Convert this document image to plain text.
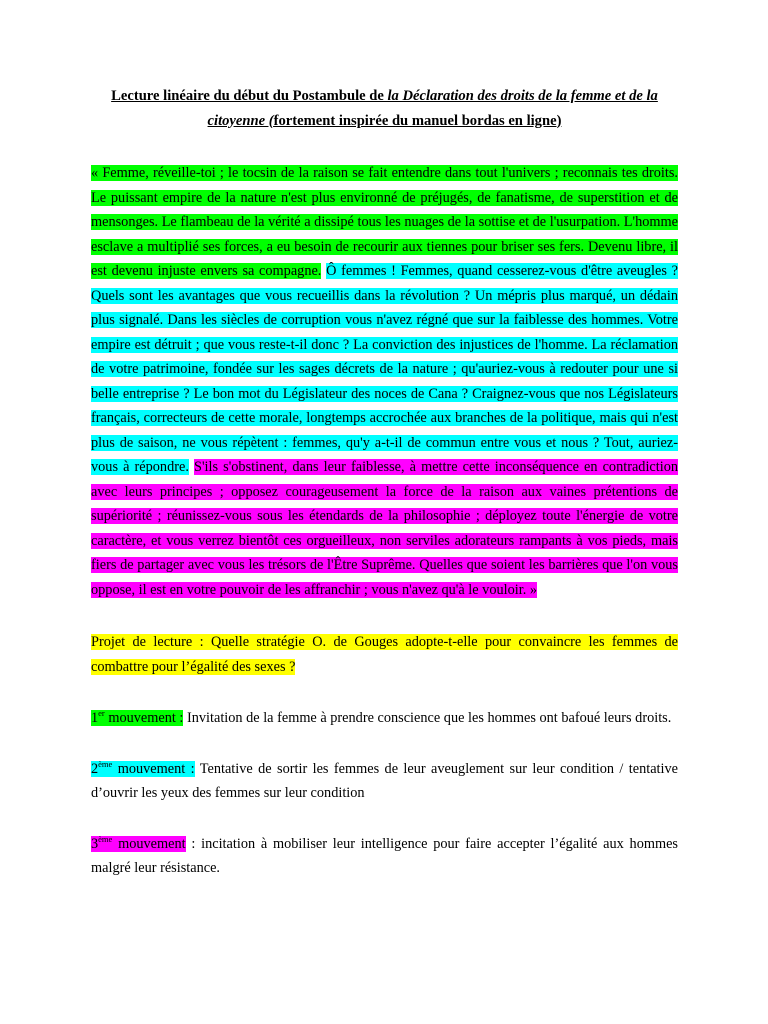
Lecture linéaire du début du Postambule de la Déclaration des droits de la femme et de la citoyenne (fortement inspirée du manuel bordas en ligne)

« Femme, réveille-toi ; le tocsin de la raison se fait entendre dans tout l'univers ; reconnais tes droits. Le puissant empire de la nature n'est plus environné de préjugés, de fanatisme, de superstition et de mensonges. Le flambeau de la vérité a dissipé tous les nuages de la sottise et de l'usurpation. L'homme esclave a multiplié ses forces, a eu besoin de recourir aux tiennes pour briser ses fers. Devenu libre, il est devenu injuste envers sa compagne. Ô femmes ! Femmes, quand cesserez-vous d'être aveugles ? Quels sont les avantages que vous recueillis dans la révolution ? Un mépris plus marqué, un dédain plus signalé. Dans les siècles de corruption vous n'avez régné que sur la faiblesse des hommes. Votre empire est détruit ; que vous reste-t-il donc ? La conviction des injustices de l'homme. La réclamation de votre patrimoine, fondée sur les sages décrets de la nature ; qu'auriez-vous à redouter pour une si belle entreprise ? Le bon mot du Législateur des noces de Cana ? Craignez-vous que nos Législateurs français, correcteurs de cette morale, longtemps accrochée aux branches de la politique, mais qui n'est plus de saison, ne vous répètent : femmes, qu'y a-t-il de commun entre vous et nous ? Tout, auriez-vous à répondre. S'ils s'obstinent, dans leur faiblesse, à mettre cette inconséquence en contradiction avec leurs principes ; opposez courageusement la force de la raison aux vaines prétentions de supériorité ; réunissez-vous sous les étendards de la philosophie ; déployez toute l'énergie de votre caractère, et vous verrez bientôt ces orgueilleux, non serviles adorateurs rampants à vos pieds, mais fiers de partager avec vous les trésors de l'Être Suprême. Quelles que soient les barrières que l'on vous oppose, il est en votre pouvoir de les affranchir ; vous n'avez qu'à le vouloir. »

Projet de lecture : Quelle stratégie O. de Gouges adopte-t-elle pour convaincre les femmes de combattre pour l’égalité des sexes ?

1er mouvement : Invitation de la femme à prendre conscience que les hommes ont bafoué leurs droits.

2ème mouvement : Tentative de sortir les femmes de leur aveuglement sur leur condition / tentative d’ouvrir les yeux des femmes sur leur condition

3ème mouvement : incitation à mobiliser leur intelligence pour faire accepter l’égalité aux hommes malgré leur résistance.
